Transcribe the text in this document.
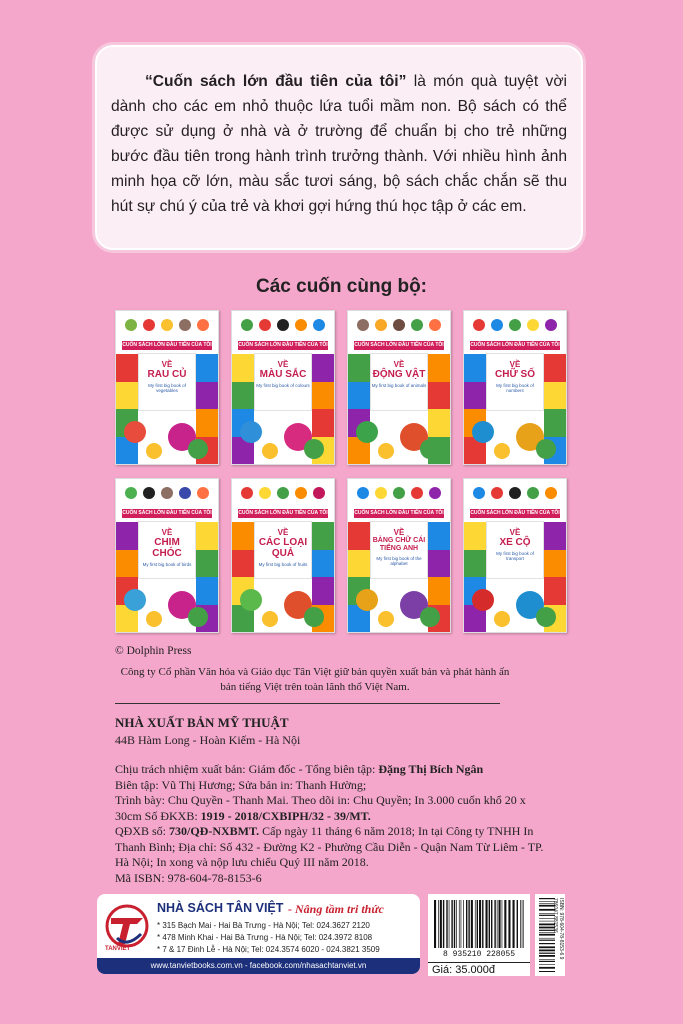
“Cuốn sách lớn đầu tiên của tôi” là món quà tuyệt vời dành cho các em nhỏ thuộc lứa tuổi mầm non. Bộ sách có thể được sử dụng ở nhà và ở trường để chuẩn bị cho trẻ những bước đầu tiên trong hành trình trưởng thành. Với nhiều hình ảnh minh họa cỡ lớn, màu sắc tươi sáng, bộ sách chắc chắn sẽ thu hút sự chú ý của trẻ và khơi gợi hứng thú học tập ở các em.

Các cuốn cùng bộ:
CUỐN SÁCH LỚN ĐẦU TIÊN CỦA TÔI
VỀ
RAU CỦ
My first big book of vegetables
CUỐN SÁCH LỚN ĐẦU TIÊN CỦA TÔI
VỀ
MÀU SẮC
My first big book of colours
CUỐN SÁCH LỚN ĐẦU TIÊN CỦA TÔI
VỀ
ĐỘNG VẬT
My first big book of animals
CUỐN SÁCH LỚN ĐẦU TIÊN CỦA TÔI
VỀ
CHỮ SỐ
My first big book of numbers
CUỐN SÁCH LỚN ĐẦU TIÊN CỦA TÔI
VỀ
CHIM CHÓC
My first big book of birds
CUỐN SÁCH LỚN ĐẦU TIÊN CỦA TÔI
VỀ
CÁC LOẠI QUẢ
My first big book of fruits
CUỐN SÁCH LỚN ĐẦU TIÊN CỦA TÔI
VỀ
BẢNG CHỮ CÁI TIẾNG ANH
My first big book of the alphabet
CUỐN SÁCH LỚN ĐẦU TIÊN CỦA TÔI
VỀ
XE CỘ
My first big book of transport
© Dolphin Press
Công ty Cổ phần Văn hóa và Giáo dục Tân Việt giữ bản quyền xuất bản và phát hành ấn bản tiếng Việt trên toàn lãnh thổ Việt Nam.
NHÀ XUẤT BẢN MỸ THUẬT
44B Hàm Long - Hoàn Kiếm - Hà Nội
Chịu trách nhiệm xuất bản: Giám đốc - Tổng biên tập: Đặng Thị Bích Ngân
Biên tập: Vũ Thị Hương; Sửa bản in: Thanh Hường;
Trình bày: Chu Quyền - Thanh Mai. Theo dõi in: Chu Quyền; In 3.000 cuốn khổ 20 x 30cm Số ĐKXB: 1919 - 2018/CXBIPH/32 - 39/MT.
QĐXB số: 730/QĐ-NXBMT. Cấp ngày 11 tháng 6 năm 2018; In tại Công ty TNHH In Thanh Bình; Địa chỉ: Số 432 - Đường K2 - Phường Cầu Diễn - Quận Nam Từ Liêm - TP. Hà Nội; In xong và nộp lưu chiểu Quý III năm 2018.
Mã ISBN: 978-604-78-8153-6
TANVIET
NHÀ SÁCH TÂN VIỆT - Nâng tầm tri thức
* 315 Bạch Mai - Hai Bà Trưng - Hà Nội; Tel: 024.3627 2120
* 478 Minh Khai - Hai Bà Trưng - Hà Nội; Tel: 024.3972 8108
* 7 & 17 Đinh Lễ - Hà Nội; Tel: 024.3574 6020 - 024.3821 3509
www.tanvietbooks.com.vn - facebook.com/nhasachtanviet.vn
8 935210 228055
Giá: 35.000đ
ISBN: 978-604-78-8153-6 9 786047 881536
